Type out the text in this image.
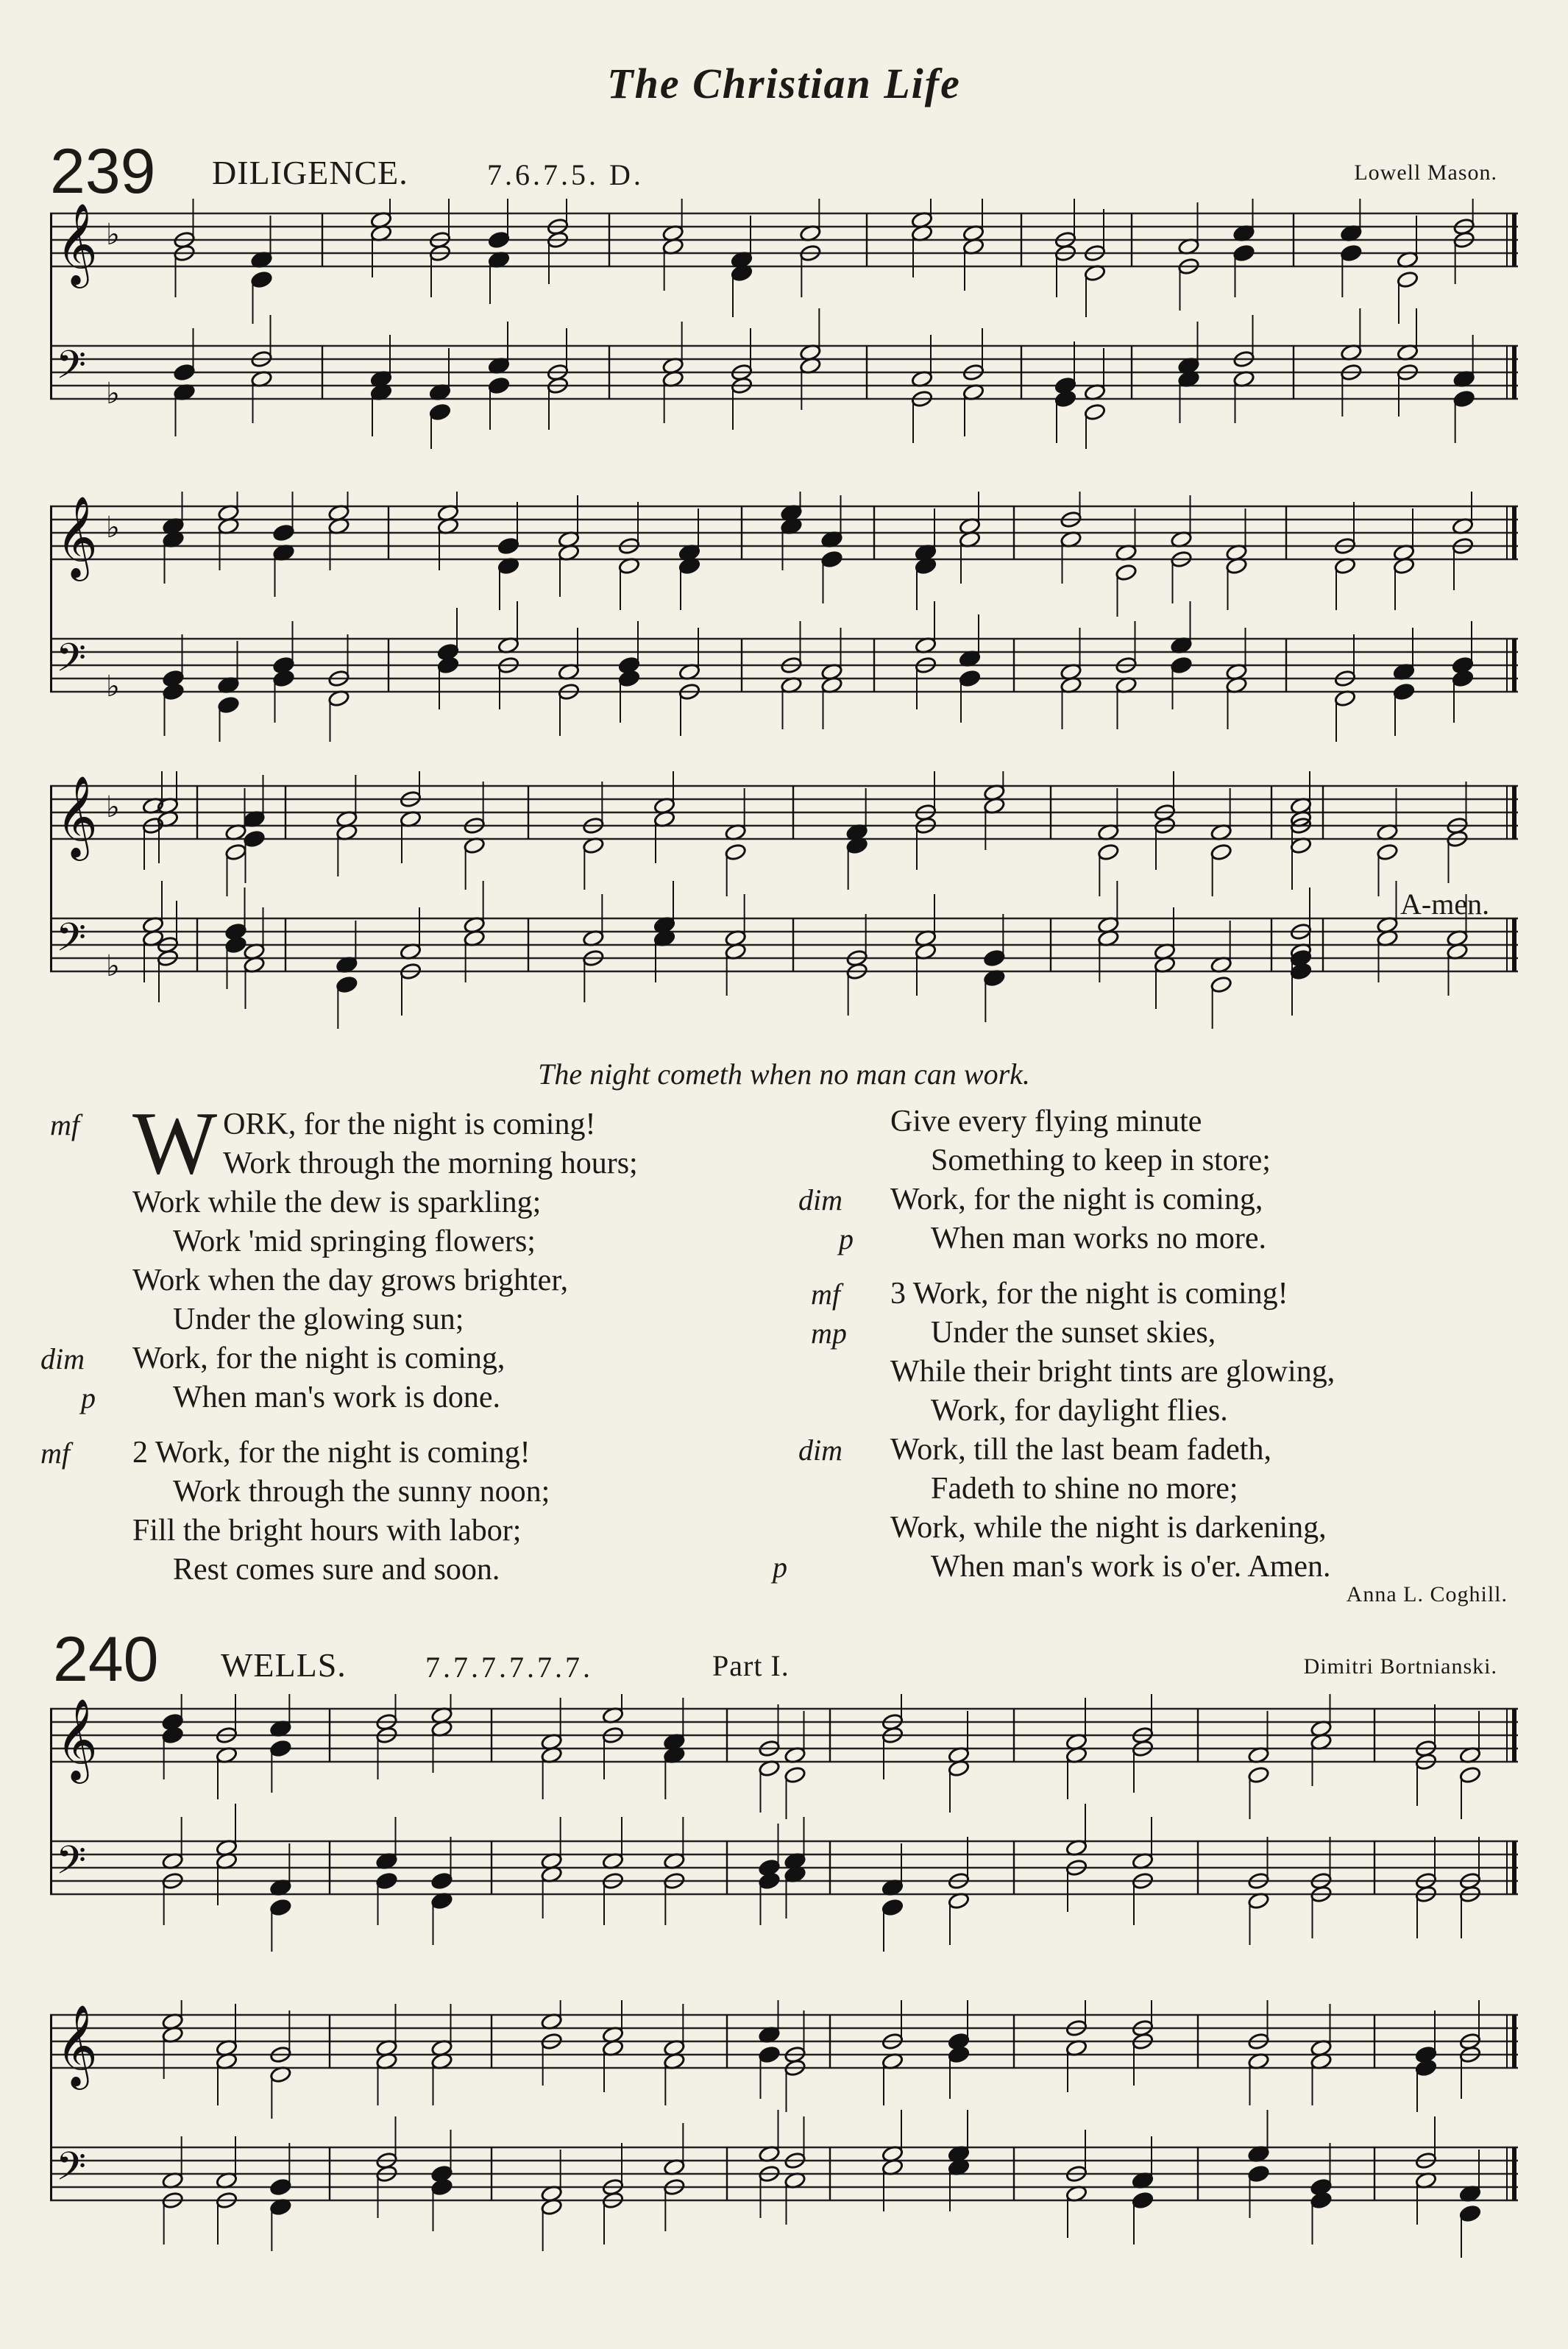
The Christian Life
239 DILIGENCE.	7.6.7.5. D.	Lowell Mason.
𝄞 ♭
𝄢 ♭
𝄞 ♭
𝄢 ♭
𝄞 ♭
𝄢 ♭
A-men.
The night cometh when no man can work.
mf W ORK, for the night is coming!
Work through the morning hours;
Work while the dew is sparkling;
Work 'mid springing flowers;
Work when the day grows brighter,
Under the glowing sun;
dim Work, for the night is coming,
p	When man's work is done.
mf 2 Work, for the night is coming!
Work through the sunny noon;
Fill the bright hours with labor;
Rest comes sure and soon.
Give every flying minute
Something to keep in store;
dim Work, for the night is coming,
p	When man works no more.
mf 3 Work, for the night is coming!
mp	Under the sunset skies,
While their bright tints are glowing,
Work, for daylight flies.
dim Work, till the last beam fadeth,
Fadeth to shine no more;
Work, while the night is darkening,
p	When man's work is o'er. Amen.
Anna L. Coghill.
240 WELLS.	7.7.7.7.7.7.	Part I.	Dimitri Bortnianski.
𝄞
𝄢
𝄞
𝄢
